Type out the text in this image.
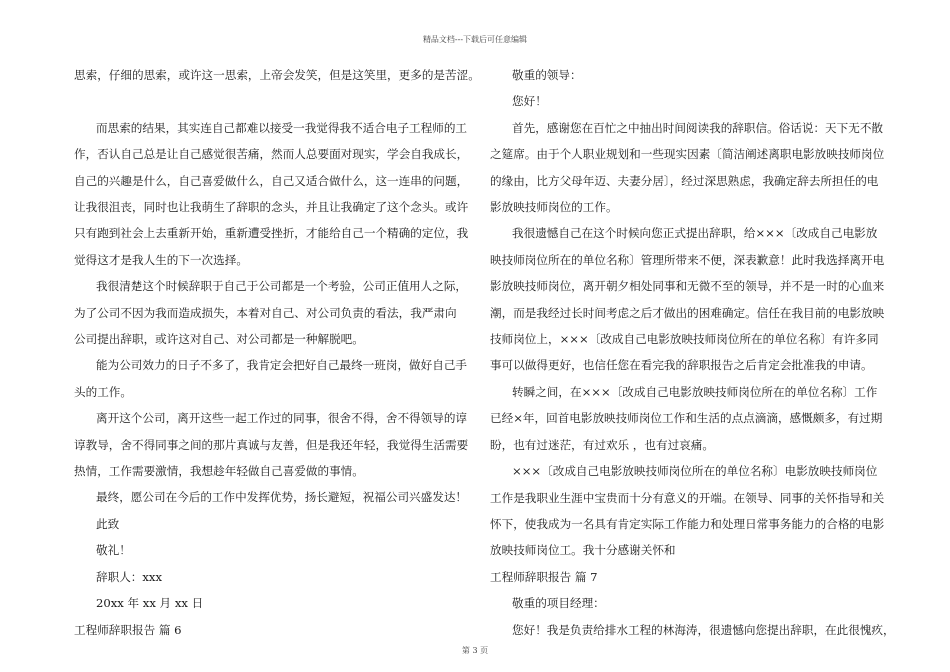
精品文档---下载后可任意编辑

思索，仔细的思索，或许这一思索，上帝会发笑，但是这笑里，更多的是苦涩。

而思索的结果，其实连自己都难以接受一我觉得我不适合电子工程师的工

作，否认自己总是让自己感觉很苦痛，然而人总要面对现实，学会自我成长，

自己的兴趣是什么，自己喜爱做什么，自己又适合做什么，这一连串的问题，

让我很沮丧，同时也让我萌生了辞职的念头，并且让我确定了这个念头。或许

只有跑到社会上去重新开始，重新遭受挫折，才能给自己一个精确的定位，我

觉得这才是我人生的下一次选择。

我很清楚这个时候辞职于自己于公司都是一个考验，公司正值用人之际，

为了公司不因为我而造成损失，本着对自己、对公司负责的看法，我严肃向

公司提出辞职，或许这对自己、对公司都是一种解脱吧。

能为公司效力的日子不多了，我肯定会把好自己最终一班岗，做好自己手

头的工作。

离开这个公司，离开这些一起工作过的同事，很舍不得，舍不得领导的谆

谆教导，舍不得同事之间的那片真诚与友善，但是我还年轻，我觉得生活需要

热情，工作需要激情，我想趁年轻做自己喜爱做的事情。

最终，愿公司在今后的工作中发挥优势，扬长避短，祝福公司兴盛发达！

此致

敬礼！

辞职人：xxx

20xx 年 xx 月 xx 日

工程师辞职报告 篇 6

敬重的领导：

您好！

首先，感谢您在百忙之中抽出时间阅读我的辞职信。俗话说：天下无不散

之筵席。由于个人职业规划和一些现实因素〔简洁阐述离职电影放映技师岗位

的缘由，比方父母年迈、夫妻分居〕，经过深思熟虑，我确定辞去所担任的电

影放映技师岗位的工作。

我很遗憾自己在这个时候向您正式提出辞职，给×××〔改成自己电影放

映技师岗位所在的单位名称〕管理所带来不便，深表歉意！此时我选择离开电

影放映技师岗位，离开朝夕相处同事和无微不至的领导，并不是一时的心血来

潮，而是我经过长时间考虑之后才做出的困难确定。信任在我目前的电影放映

技师岗位上，×××〔改成自己电影放映技师岗位所在的单位名称〕有许多同

事可以做得更好，也信任您在看完我的辞职报告之后肯定会批准我的申请。

转瞬之间，在×××〔改成自己电影放映技师岗位所在的单位名称〕工作

已经×年，回首电影放映技师岗位工作和生活的点点滴滴，感慨颇多，有过期

盼，也有过迷茫，有过欢乐 ，也有过哀痛。

×××〔改成自己电影放映技师岗位所在的单位名称〕电影放映技师岗位

工作是我职业生涯中宝贵而十分有意义的开端。在领导、同事的关怀指导和关

怀下，使我成为一名具有肯定实际工作能力和处理日常事务能力的合格的电影

放映技师岗位工。我十分感谢关怀和

工程师辞职报告 篇 7

敬重的项目经理：

您好！我是负责给排水工程的林海涛，很遗憾向您提出辞职，在此很愧疚，

第 3 页
